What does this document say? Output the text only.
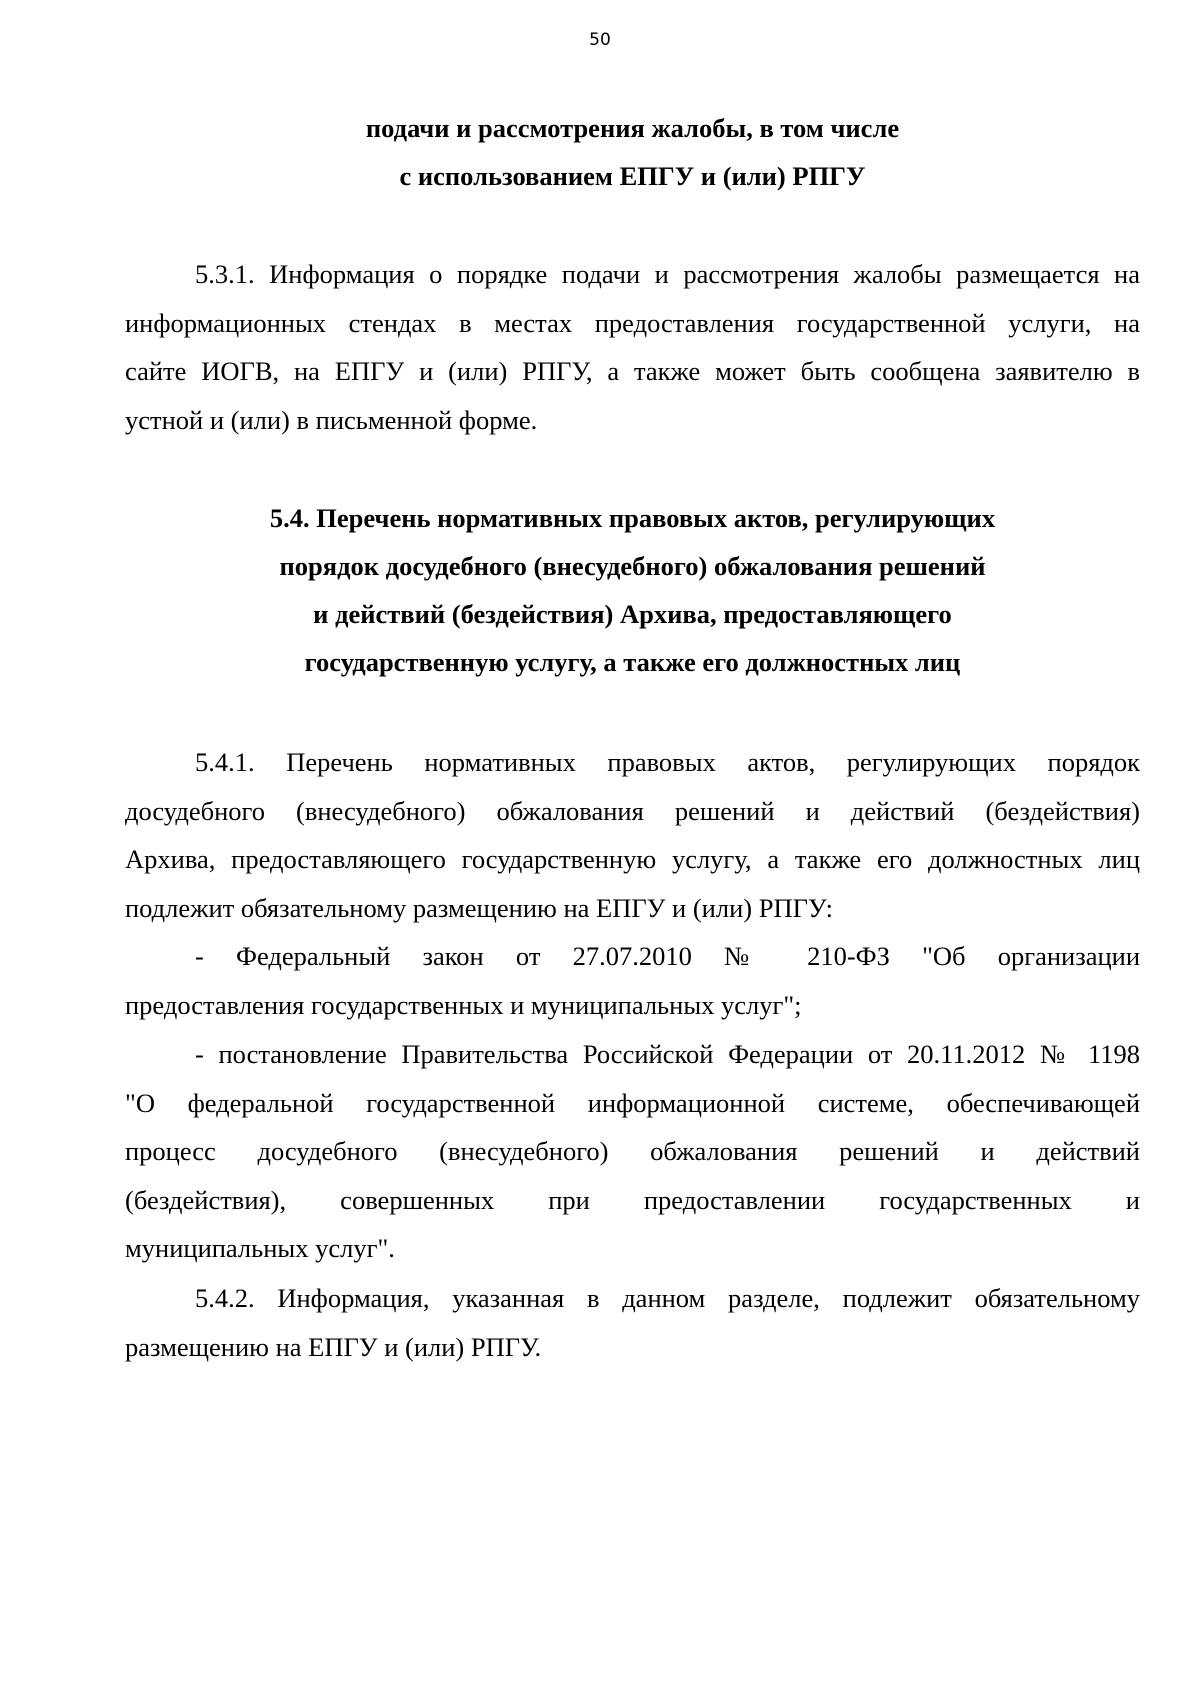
50
подачи и рассмотрения жалобы, в том числе
с использованием ЕПГУ и (или) РПГУ
5.3.1. Информация о порядке подачи и рассмотрения жалобы размещается на
информационных стендах в местах предоставления государственной услуги, на
сайте ИОГВ, на ЕПГУ и (или) РПГУ, а также может быть сообщена заявителю в
устной и (или) в письменной форме.
5.4. Перечень нормативных правовых актов, регулирующих
порядок досудебного (внесудебного) обжалования решений
и действий (бездействия) Архива, предоставляющего
государственную услугу, а также его должностных лиц
5.4.1. Перечень нормативных правовых актов, регулирующих порядок
досудебного (внесудебного) обжалования решений и действий (бездействия)
Архива, предоставляющего государственную услугу, а также его должностных лиц
подлежит обязательному размещению на ЕПГУ и (или) РПГУ:
- Федеральный закон от 27.07.2010 № 210-ФЗ "Об организации
предоставления государственных и муниципальных услуг";
- постановление Правительства Российской Федерации от 20.11.2012 № 1198
"О федеральной государственной информационной системе, обеспечивающей
процесс досудебного (внесудебного) обжалования решений и действий
(бездействия), совершенных при предоставлении государственных и
муниципальных услуг".
5.4.2. Информация, указанная в данном разделе, подлежит обязательному
размещению на ЕПГУ и (или) РПГУ.
